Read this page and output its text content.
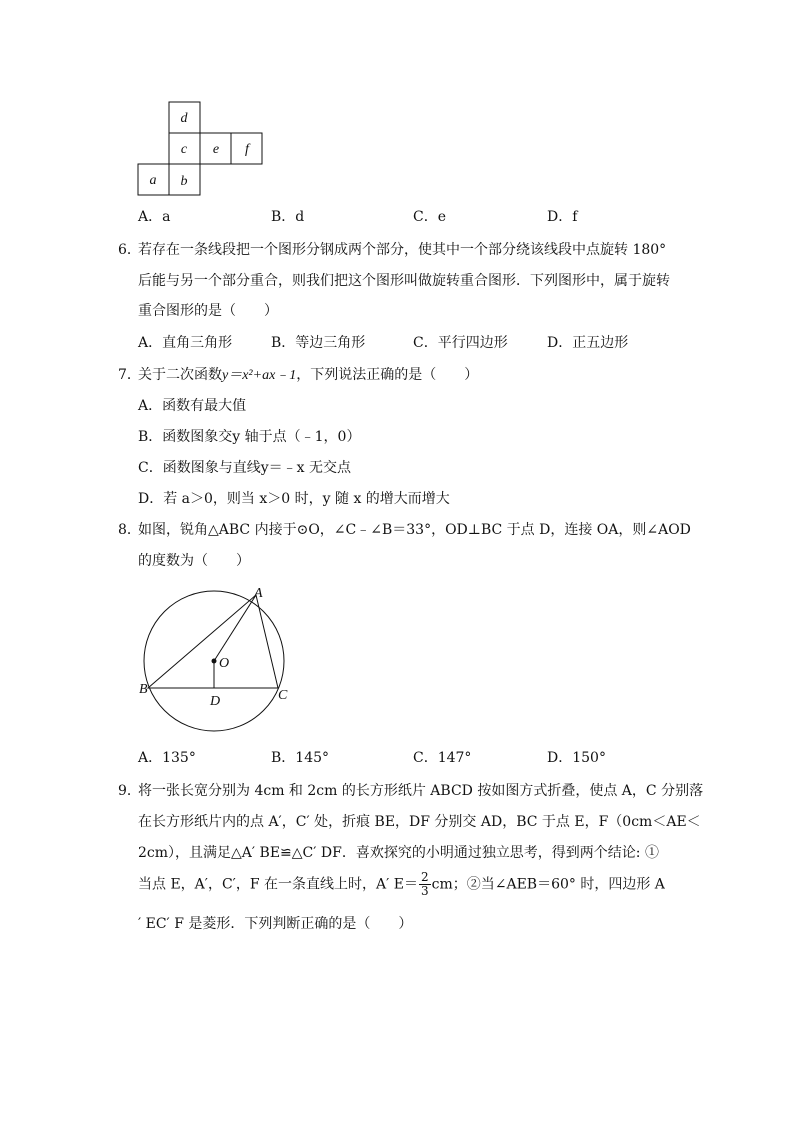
d
c e f
a b
A．a	B．d	C．e	D．f
6．
若存在一条线段把一个图形分钢成两个部分，使其中一个部分绕该线段中点旋转 180°
后能与另一个部分重合，则我们把这个图形叫做旋转重合图形．下列图形中，属于旋转
重合图形的是（　　）
A．直角三角形	B．等边三角形	C．平行四边形	D．正五边形
7．
关于二次函数y＝x²+ax﹣1，下列说法正确的是（　　）
A．函数有最大值
B．函数图象交y 轴于点（﹣1，0）
C．函数图象与直线y＝﹣x 无交点
D．若 a＞0，则当 x＞0 时，y 随 x 的增大而增大
8．
如图，锐角△ABC 内接于⊙O，∠C﹣∠B＝33°，OD⊥BC 于点 D，连接 OA，则∠AOD
的度数为（　　）
A
B	C
O
D
A．135°	B．145°	C．147°	D．150°
9．
将一张长宽分别为 4cm 和 2cm 的长方形纸片 ABCD 按如图方式折叠，使点 A，C 分别落
在长方形纸片内的点 A′，C′ 处，折痕 BE，DF 分别交 AD，BC 于点 E，F（0cm＜AE＜
2cm），且满足△A′ BE≌△C′ DF．喜欢探究的小明通过独立思考，得到两个结论: ①
当点 E，A′，C′，F 在一条直线上时，A′ $E= \frac{2}{3}$ cm；②当∠AEB＝60° 时，四边形 A
′ EC′ F 是菱形．下列判断正确的是（　　）
